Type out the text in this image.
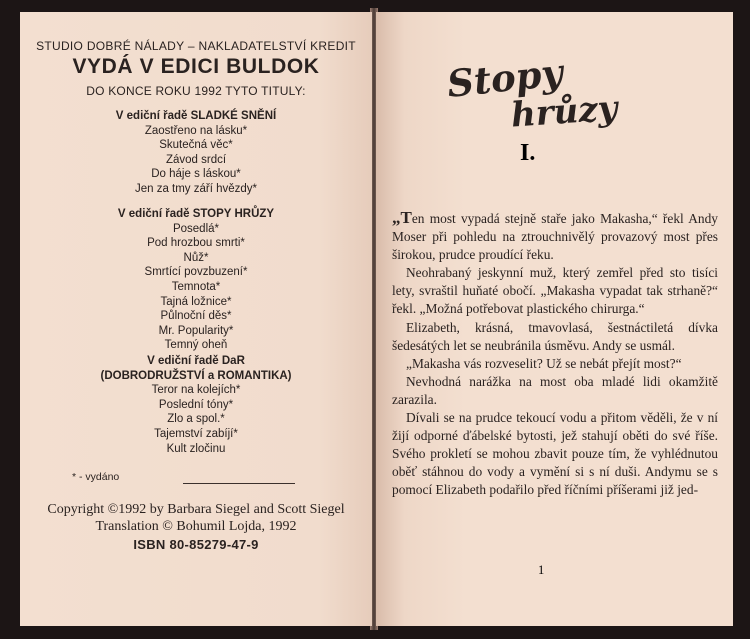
STUDIO DOBRÉ NÁLADY – NAKLADATELSTVÍ KREDIT
VYDÁ V EDICI BULDOK
DO KONCE ROKU 1992 TYTO TITULY:
V ediční řadě SLADKÉ SNĚNÍ
Zaostřeno na lásku*
Skutečná věc*
Závod srdcí
Do háje s láskou*
Jen za tmy září hvězdy*
V ediční řadě STOPY HRŮZY
Posedlá*
Pod hrozbou smrti*
Nůž*
Smrtící povzbuzení*
Temnota*
Tajná ložnice*
Půlnoční děs*
Mr. Popularity*
Temný oheň
V ediční řadě DaR
(DOBRODRUŽSTVÍ a ROMANTIKA)
Teror na kolejích*
Poslední tóny*
Zlo a spol.*
Tajemství zabíjí*
Kult zločinu
* - vydáno
Copyright ©1992 by Barbara Siegel and Scott Siegel
Translation © Bohumil Lojda, 1992
ISBN 80-85279-47-9
Stopy
hrůzy
I.

„Ten most vypadá stejně staře jako Makasha,“ řekl Andy Moser při pohledu na ztrouchnivělý provazový most přes širokou, prudce proudící řeku.

Neohrabaný jeskynní muž, který zemřel před sto tisíci lety, svraštil huňaté obočí. „Makasha vypadat tak strhaně?“ řekl. „Možná potřebovat plastického chirurga.“

Elizabeth, krásná, tmavovlasá, šestnáctiletá dívka šedesátých let se neubránila úsměvu. Andy se usmál.

„Makasha vás rozveselit? Už se nebát přejít most?“

Nevhodná narážka na most oba mladé lidi okamžitě zarazila.

Dívali se na prudce tekoucí vodu a přitom věděli, že v ní žijí odporné ďábelské bytosti, jež stahují oběti do své říše. Svého prokletí se mohou zbavit pouze tím, že vyhlédnutou oběť stáhnou do vody a vymění si s ní duši. Andymu se s pomocí Elizabeth podařilo před říčními příšerami již jed-

1
